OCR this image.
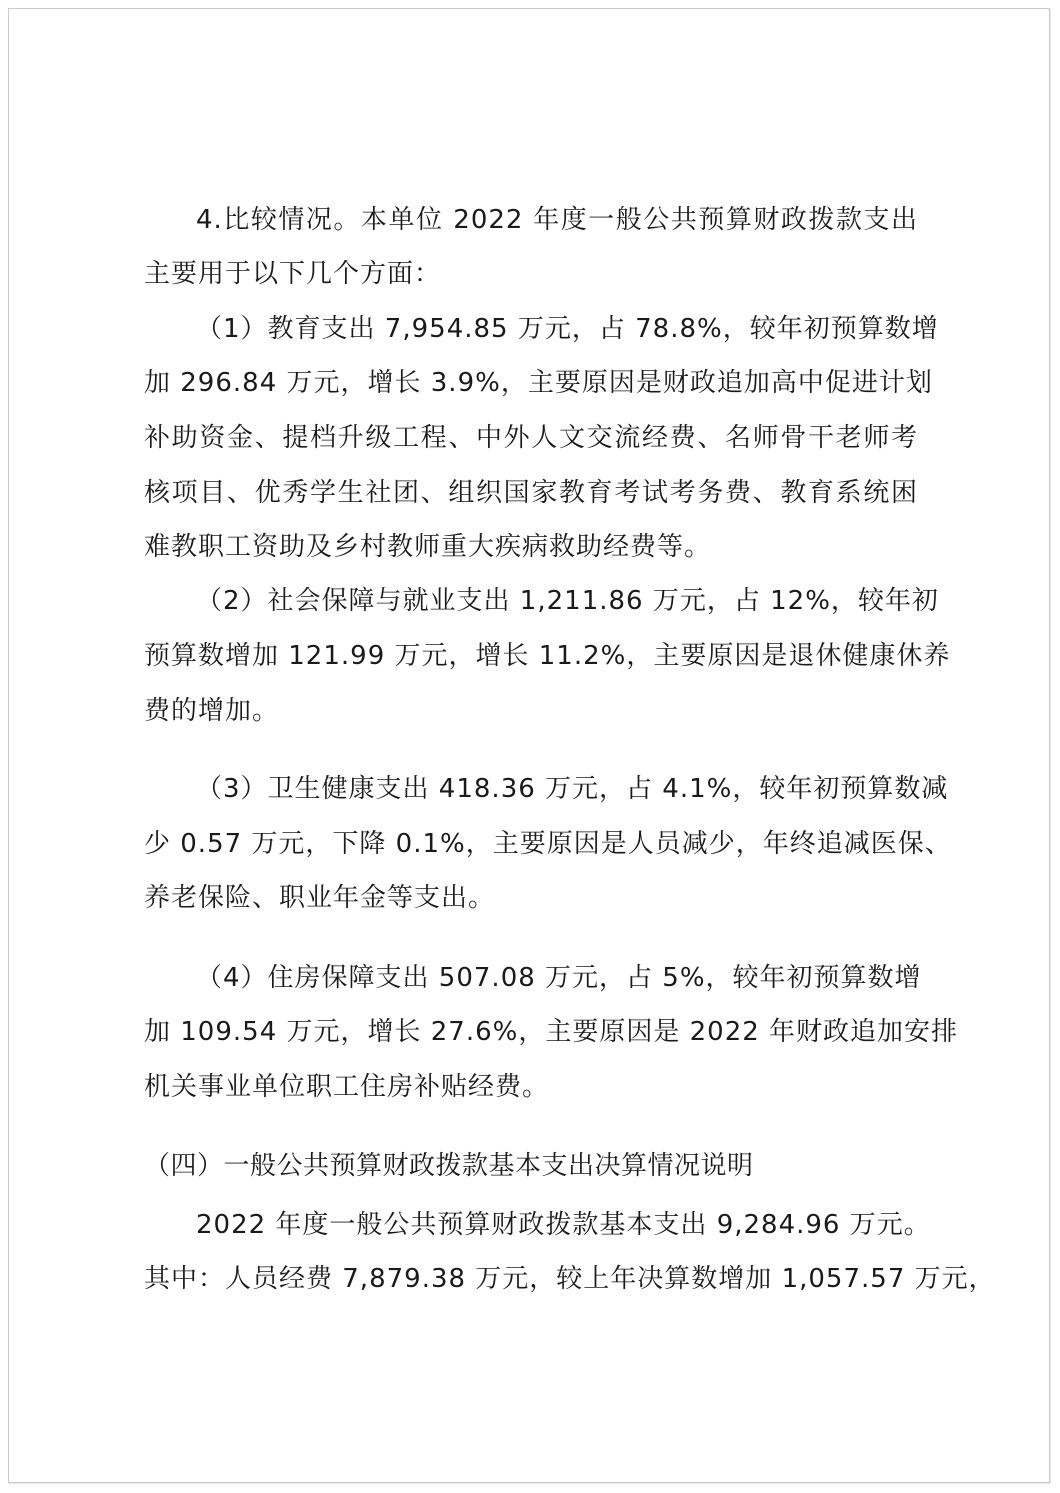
4.比较情况。本单位 2022 年度一般公共预算财政拨款支出
主要用于以下几个方面：
（1）教育支出 7,954.85 万元，占 78.8%，较年初预算数增
加 296.84 万元，增长 3.9%，主要原因是财政追加高中促进计划
补助资金、提档升级工程、中外人文交流经费、名师骨干老师考
核项目、优秀学生社团、组织国家教育考试考务费、教育系统困
难教职工资助及乡村教师重大疾病救助经费等。
（2）社会保障与就业支出 1,211.86 万元，占 12%，较年初
预算数增加 121.99 万元，增长 11.2%，主要原因是退休健康休养
费的增加。
（3）卫生健康支出 418.36 万元，占 4.1%，较年初预算数减
少 0.57 万元，下降 0.1%，主要原因是人员减少，年终追减医保、
养老保险、职业年金等支出。
（4）住房保障支出 507.08 万元，占 5%，较年初预算数增
加 109.54 万元，增长 27.6%，主要原因是 2022 年财政追加安排
机关事业单位职工住房补贴经费。
（四）一般公共预算财政拨款基本支出决算情况说明
2022 年度一般公共预算财政拨款基本支出 9,284.96 万元。
其中：人员经费 7,879.38 万元，较上年决算数增加 1,057.57 万元，
